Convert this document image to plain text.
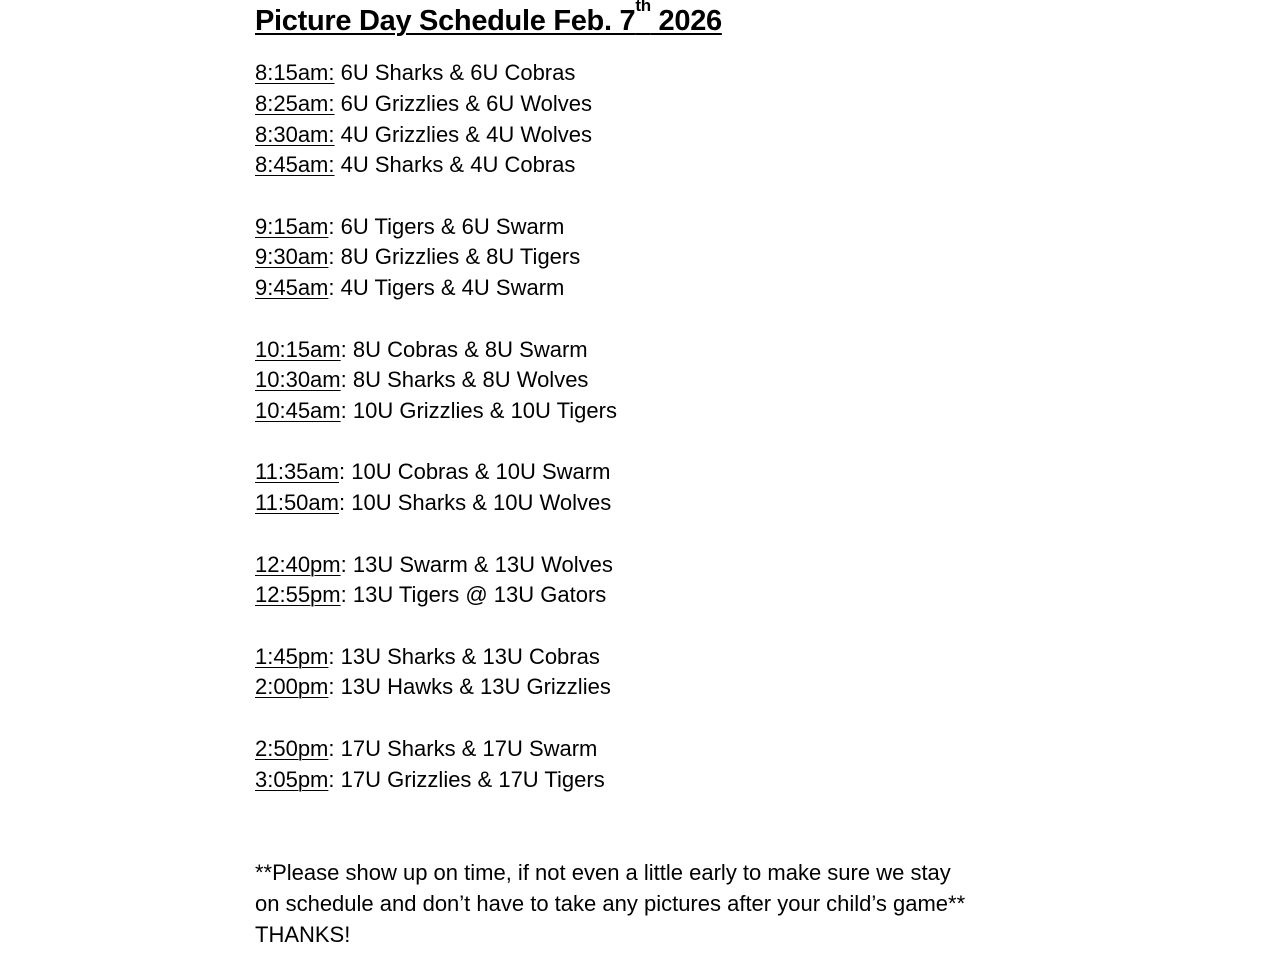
Picture Day Schedule Feb. 7th 2026
8:15am: 6U Sharks & 6U Cobras
8:25am: 6U Grizzlies & 6U Wolves
8:30am: 4U Grizzlies & 4U Wolves
8:45am: 4U Sharks & 4U Cobras
9:15am: 6U Tigers & 6U Swarm
9:30am: 8U Grizzlies & 8U Tigers
9:45am: 4U Tigers & 4U Swarm
10:15am: 8U Cobras & 8U Swarm
10:30am: 8U Sharks & 8U Wolves
10:45am: 10U Grizzlies & 10U Tigers
11:35am: 10U Cobras & 10U Swarm
11:50am: 10U Sharks & 10U Wolves
12:40pm: 13U Swarm & 13U Wolves
12:55pm: 13U Tigers @ 13U Gators
1:45pm: 13U Sharks & 13U Cobras
2:00pm: 13U Hawks & 13U Grizzlies
2:50pm: 17U Sharks & 17U Swarm
3:05pm: 17U Grizzlies & 17U Tigers
**Please show up on time, if not even a little early to make sure we stay
on schedule and don’t have to take any pictures after your child’s game**
THANKS!
